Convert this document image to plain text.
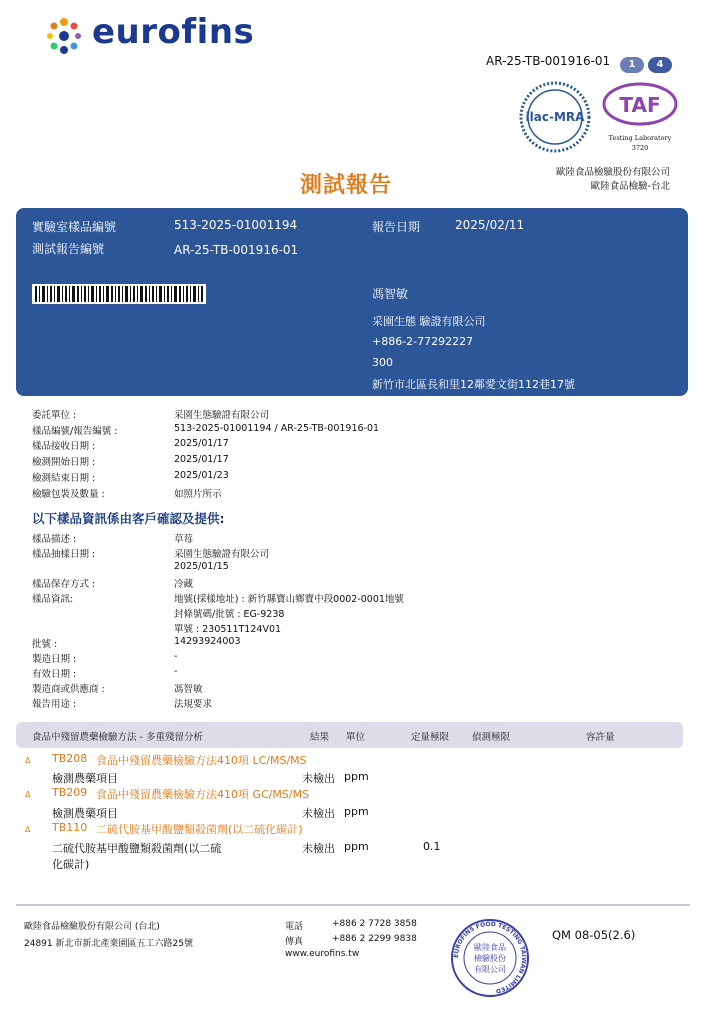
eurofins
AR-25-TB-001916-01	1 4
ilac-MRA TAF
Testing Laboratory
3720
測試報告
歐陸食品檢驗股份有限公司
歐陸食品檢驗-台北
實驗室樣品編號	513-2025-01001194
測試報告編號	AR-25-TB-001916-01
報告日期	2025/02/11
馮智敏
采園生態 驗證有限公司
+886-2-77292227
300
新竹市北區長和里12鄰愛文街112巷17號
委託單位 :	采園生態驗證有限公司
樣品編號/報告編號 :	513-2025-01001194 / AR-25-TB-001916-01
樣品接收日期 :	2025/01/17
檢測開始日期 :	2025/01/17
檢測結束日期 :	2025/01/23
檢驗包裝及數量 :	如照片所示
以下樣品資訊係由客戶確認及提供:
樣品描述 :	草莓
樣品抽樣日期 :	采園生態驗證有限公司
2025/01/15
樣品保存方式 :	冷藏
樣品資訊:	地號(採樣地址) : 新竹縣寶山鄉寶中段0002-0001地號
封條號碼/批號 : EG-9238
單號 : 230511T124V01
批號 :	14293924003
製造日期 :	-
有效日期 :	-
製造商或供應商 :	馮智敏
報告用途 :	法規要求
食品中殘留農藥檢驗方法 - 多重殘留分析	結果 單位	定量極限 偵測極限	容許量
Δ TB208 食品中殘留農藥檢驗方法410項 LC/MS/MS
檢測農藥項目	未檢出 ppm
Δ TB209 食品中殘留農藥檢驗方法410項 GC/MS/MS
檢測農藥項目	未檢出 ppm
Δ TB110 二硫代胺基甲酸鹽類殺菌劑(以二硫化碳計)
二硫代胺基甲酸鹽類殺菌劑(以二硫
化碳計)
未檢出 ppm	0.1
歐陸食品檢驗股份有限公司 (台北)
24891 新北市新北產業園區五工六路25號
電話	+886 2 7728 3858
傳真	+886 2 2299 9838
www.eurofins.tw	EUROFINS FOOD TESTING TAIWAN LIMITED
歐陸食品
檢驗股份
有限公司
QM 08-05(2.6)
